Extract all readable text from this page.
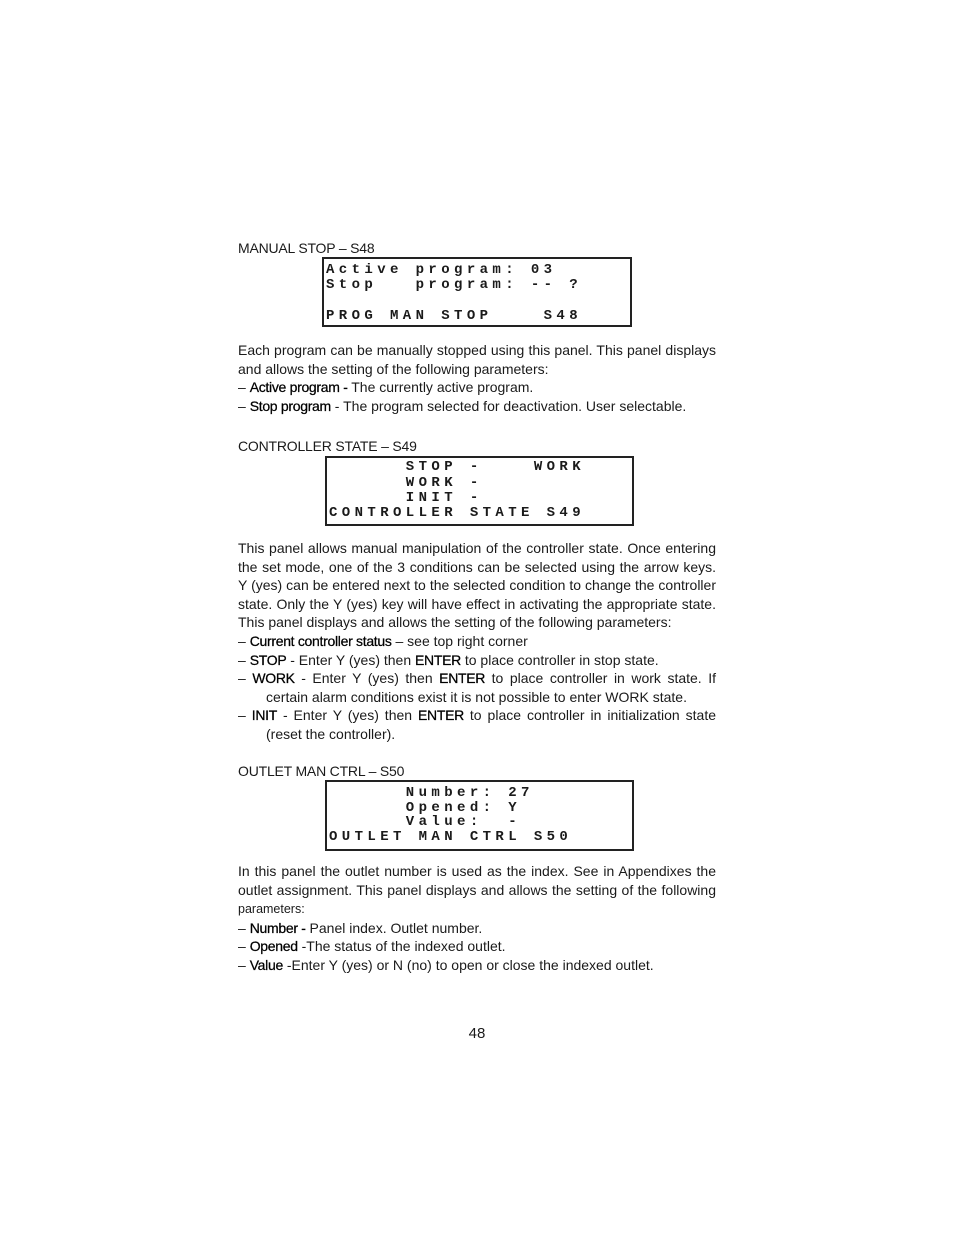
MANUAL STOP – S48
Active program: 03
Stop   program: -- ?
PROG MAN STOP    S48

Each program can be manually stopped using this panel. This panel displays and allows the setting of the following parameters:

– Active program - The currently active program.

– Stop program - The program selected for deactivation. User selectable.

CONTROLLER STATE – S49
STOP -    WORK
WORK -
INIT -
CONTROLLER STATE S49

This panel allows manual manipulation of the controller state. Once entering the set mode, one of the 3 conditions can be selected using the arrow keys. Y (yes) can be entered next to the selected condition to change the controller state. Only the Y (yes) key will have effect in activating the appropriate state. This panel displays and allows the setting of the following parameters:

– Current controller status – see top right corner

– STOP - Enter Y (yes) then ENTER to place controller in stop state.

– WORK - Enter Y (yes) then ENTER to place controller in work state. If certain alarm conditions exist it is not possible to enter WORK state.

– INIT - Enter Y (yes) then ENTER to place controller in initialization state (reset the controller).

OUTLET MAN CTRL – S50
Number: 27
Opened: Y
Value:  -
OUTLET MAN CTRL S50

In this panel the outlet number is used as the index. See in Appendixes the outlet assignment. This panel displays and allows the setting of the following parameters:

– Number - Panel index. Outlet number.

– Opened -The status of the indexed outlet.

– Value -Enter Y (yes) or N (no) to open or close the indexed outlet.

48
